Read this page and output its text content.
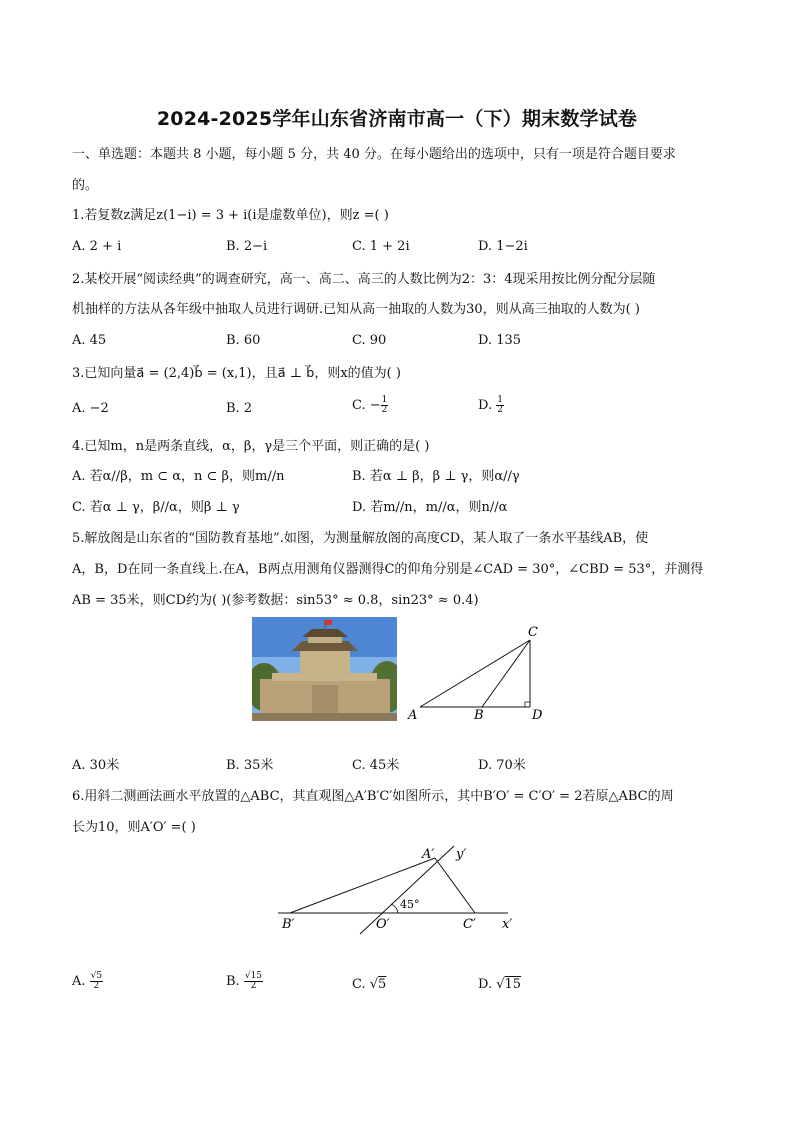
2024-2025学年山东省济南市高一（下）期末数学试卷
一、单选题：本题共 8 小题，每小题 5 分，共 40 分。在每小题给出的选项中，只有一项是符合题目要求
的。
1.若复数z满足z(1−i) = 3 + i(i是虚数单位)，则z =( )
A. 2 + i	B. 2−i	C. 1 + 2i	D. 1−2i
2.某校开展“阅读经典”的调查研究，高一、高二、高三的人数比例为2：3：4现采用按比例分配分层随
机抽样的方法从各年级中抽取人员进行调研.已知从高一抽取的人数为30，则从高三抽取的人数为( )
A. 45	B. 60	C. 90	D. 135
3.已知向量a⃗ = (2,4)b⃗ = (x,1)，且a⃗ ⊥ b⃗，则x的值为( )
A. −2	B. 2	C. − $\frac{1}{2}$	D. $\frac{1}{2}$
4.已知m，n是两条直线，α，β，γ是三个平面，则正确的是( )
A. 若α//β，m ⊂ α，n ⊂ β，则m//n	B. 若α ⊥ β，β ⊥ γ，则α//γ
C. 若α ⊥ γ，β//α，则β ⊥ γ	D. 若m//n，m//α，则n//α
5.解放阁是山东省的“国防教育基地”.如图，为测量解放阁的高度CD，某人取了一条水平基线AB，使
A，B，D在同一条直线上.在A，B两点用测角仪器测得C的仰角分别是∠CAD = 30°，∠CBD = 53°，并测得
AB = 35米，则CD约为( )(参考数据：sin53° ≈ 0.8，sin23° ≈ 0.4)
A	B
C
D
A. 30米	B. 35米	C. 45米	D. 70米
6.用斜二测画法画水平放置的△ABC，其直观图△A′B′C′如图所示，其中B′O′ = C′O′ = 2若原△ABC的周
长为10，则A′O′ =( )
45°
A′ y′
B′	O′	C′ x′
A. $\frac{√5}{2}$	B. $\frac{√15}{2}$	C. √5	D. √15
